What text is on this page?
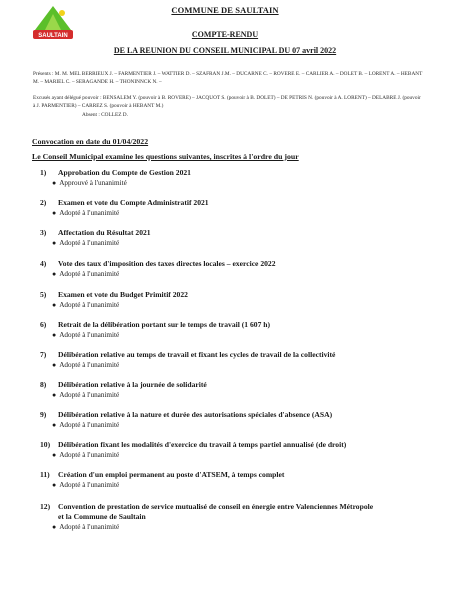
SAULTAIN
COMMUNE DE SAULTAIN
COMPTE-RENDU
DE LA REUNION DU CONSEIL MUNICIPAL DU 07 avril 2022
Présents : M. M. MEL BERRIEUX J. – FARMENTIER J. – WATTIER D. – SZAFRAN J.M. – DUCARNE C. – ROVERE E. – CARLIER A. – DOLET B. – LORENT A. – HEBANT M. – MARIEL C. – SERAGANDE H. – THONINNCK N. –
Excusés ayant délégué pouvoir : BENSALEM Y. (pouvoir à B. ROVERE) – JACQUOT S. (pouvoir à B. DOLET) – DE PETRIS N. (pouvoir à A. LORENT) – DELABRE J. (pouvoir à J. PARMENTIER) – CARREZ S. (pouvoir à HEBANT M.)
Absent : COLLEZ D.
Convocation en date du 01/04/2022
Le Conseil Municipal examine les questions suivantes, inscrites à l'ordre du jour
1) Approbation du Compte de Gestion 2021
● Approuvé à l'unanimité
2) Examen et vote du Compte Administratif 2021
● Adopté à l'unanimité
3) Affectation du Résultat 2021
● Adopté à l'unanimité
4) Vote des taux d'imposition des taxes directes locales – exercice 2022
● Adopté à l'unanimité
5) Examen et vote du Budget Primitif 2022
● Adopté à l'unanimité
6) Retrait de la délibération portant sur le temps de travail (1 607 h)
● Adopté à l'unanimité
7) Délibération relative au temps de travail et fixant les cycles de travail de la collectivité
● Adopté à l'unanimité
8) Délibération relative à la journée de solidarité
● Adopté à l'unanimité
9) Délibération relative à la nature et durée des autorisations spéciales d'absence (ASA)
● Adopté à l'unanimité
10) Délibération fixant les modalités d'exercice du travail à temps partiel annualisé (de droit)
● Adopté à l'unanimité
11) Création d'un emploi permanent au poste d'ATSEM, à temps complet
● Adopté à l'unanimité
12) Convention de prestation de service mutualisé de conseil en énergie entre Valenciennes Métropole
et la Commune de Saultain
● Adopté à l'unanimité
